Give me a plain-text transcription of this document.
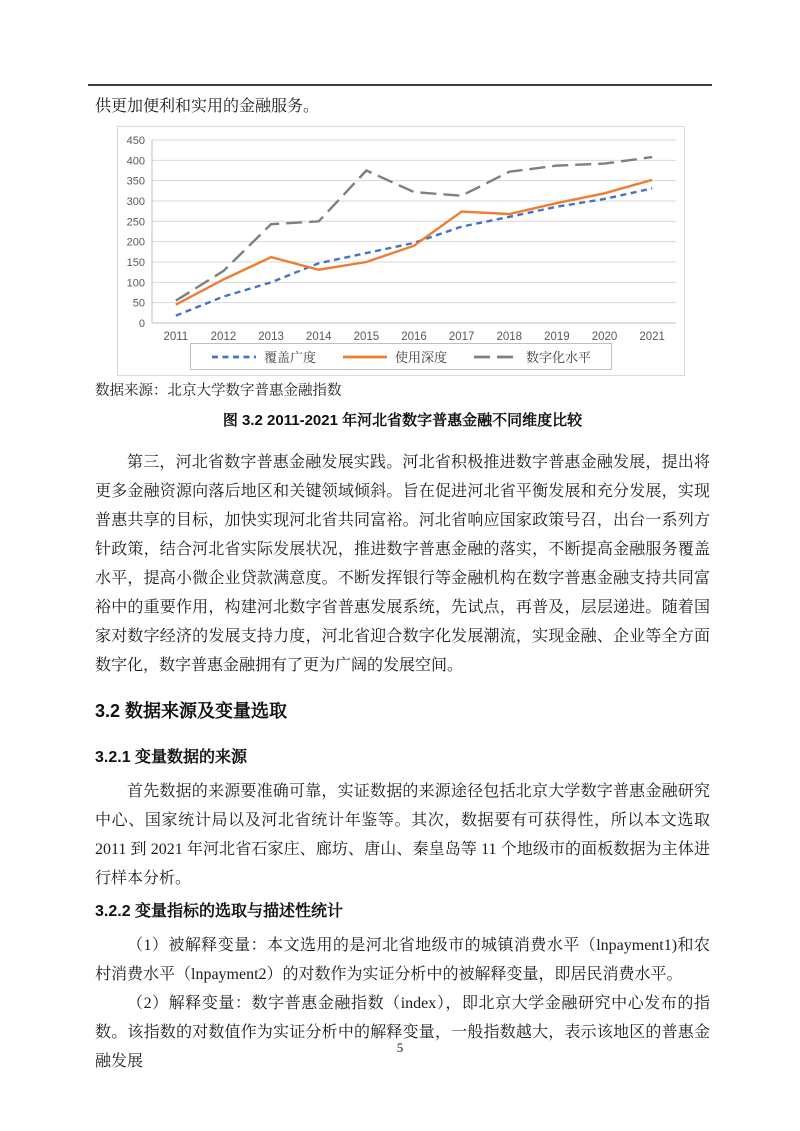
供更加便利和实用的金融服务。

0
50
100
150
200
250
300
350
400
450
2011 2012 2013 2014 2015 2016 2017 2018 2019 2020 2021
覆盖广度	使用深度	数字化水平

数据来源：北京大学数字普惠金融指数

图 3.2 2011-2021 年河北省数字普惠金融不同维度比较

第三，河北省数字普惠金融发展实践。河北省积极推进数字普惠金融发展，提出将更多金融资源向落后地区和关键领域倾斜。旨在促进河北省平衡发展和充分发展，实现普惠共享的目标，加快实现河北省共同富裕。河北省响应国家政策号召，出台一系列方针政策，结合河北省实际发展状况，推进数字普惠金融的落实，不断提高金融服务覆盖水平，提高小微企业贷款满意度。不断发挥银行等金融机构在数字普惠金融支持共同富裕中的重要作用，构建河北数字省普惠发展系统，先试点，再普及，层层递进。随着国家对数字经济的发展支持力度，河北省迎合数字化发展潮流，实现金融、企业等全方面数字化，数字普惠金融拥有了更为广阔的发展空间。

3.2 数据来源及变量选取
3.2.1 变量数据的来源

首先数据的来源要准确可靠，实证数据的来源途径包括北京大学数字普惠金融研究中心、国家统计局以及河北省统计年鉴等。其次，数据要有可获得性，所以本文选取 2011 到 2021 年河北省石家庄、廊坊、唐山、秦皇岛等 11 个地级市的面板数据为主体进行样本分析。

3.2.2 变量指标的选取与描述性统计

（1）被解释变量：本文选用的是河北省地级市的城镇消费水平（lnpayment1)和农村消费水平（lnpayment2）的对数作为实证分析中的被解释变量，即居民消费水平。

（2）解释变量：数字普惠金融指数（index），即北京大学金融研究中心发布的指数。该指数的对数值作为实证分析中的解释变量，一般指数越大，表示该地区的普惠金融发展

5
